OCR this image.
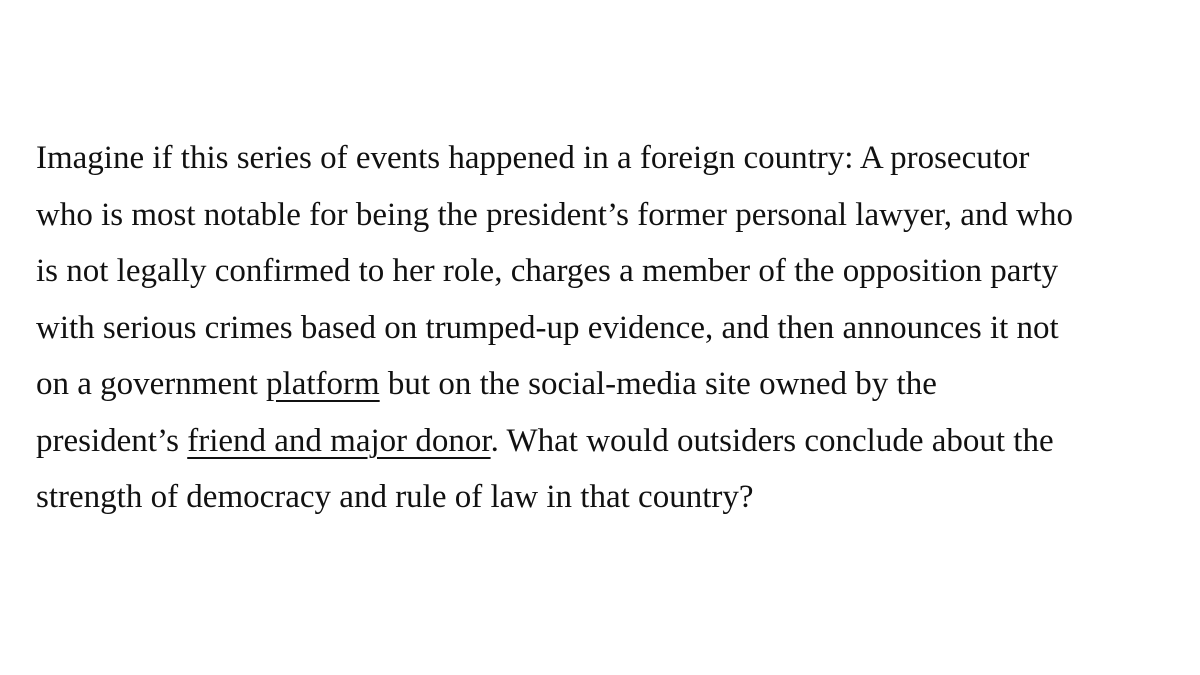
Imagine if this series of events happened in a foreign country: A prosecutor
who is most notable for being the president’s former personal lawyer, and who
is not legally confirmed to her role, charges a member of the opposition party
with serious crimes based on trumped-up evidence, and then announces it not
on a government platform but on the social-media site owned by the
president’s friend and major donor. What would outsiders conclude about the
strength of democracy and rule of law in that country?
